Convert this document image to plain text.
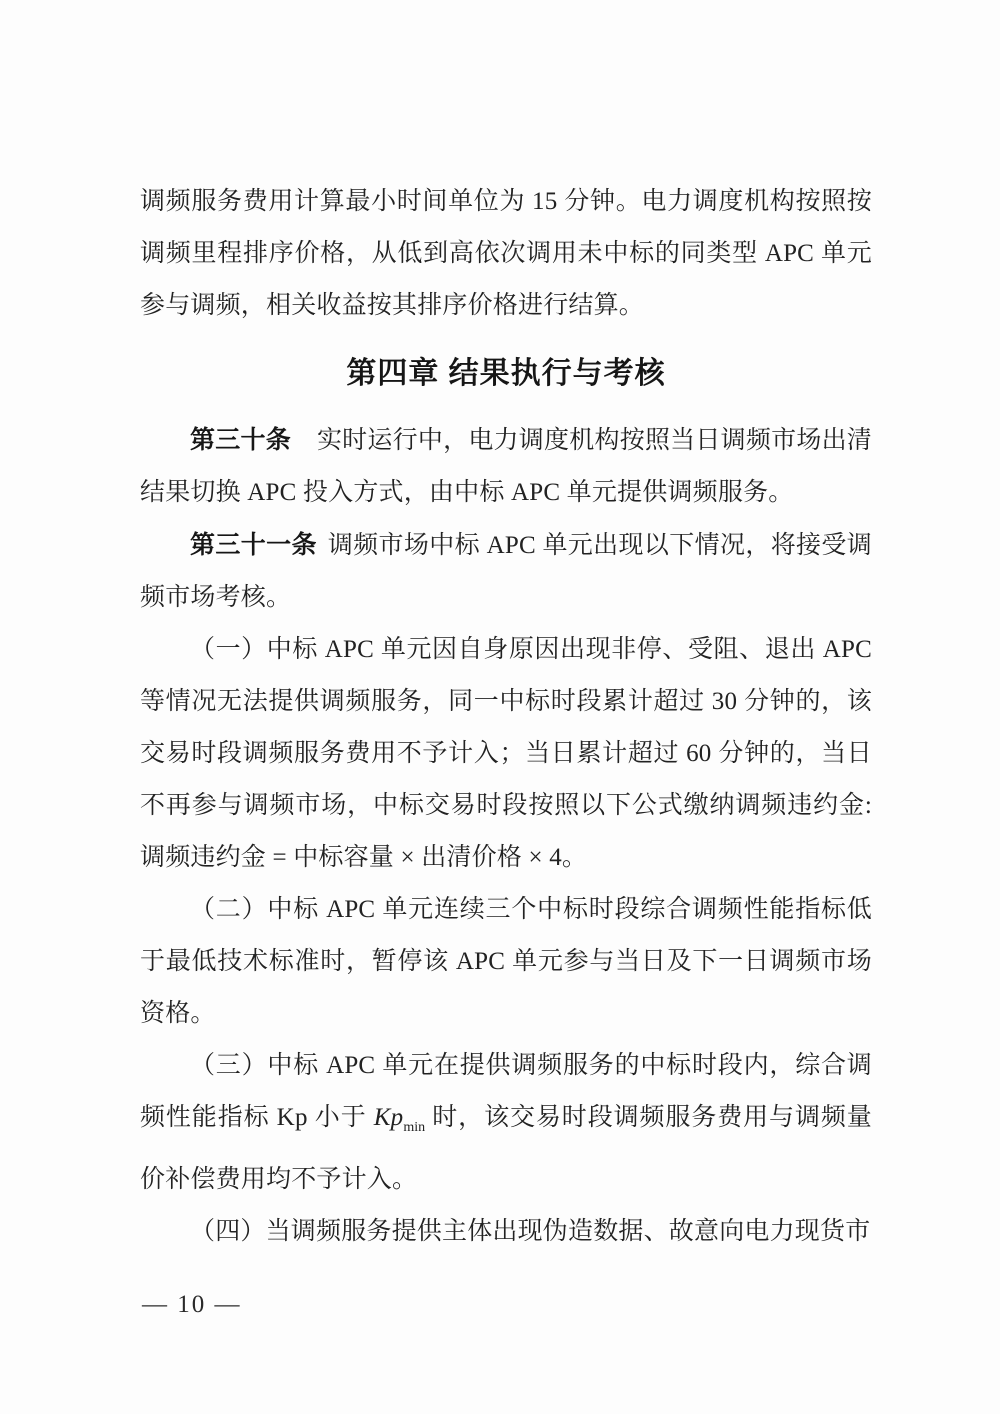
调频服务费用计算最小时间单位为 15 分钟。电力调度机构按照按调频里程排序价格，从低到高依次调用未中标的同类型 APC 单元参与调频，相关收益按其排序价格进行结算。

第四章 结果执行与考核

第三十条 实时运行中，电力调度机构按照当日调频市场出清结果切换 APC 投入方式，由中标 APC 单元提供调频服务。

第三十一条 调频市场中标 APC 单元出现以下情况，将接受调频市场考核。

（一）中标 APC 单元因自身原因出现非停、受阻、退出 APC 等情况无法提供调频服务，同一中标时段累计超过 30 分钟的，该交易时段调频服务费用不予计入；当日累计超过 60 分钟的，当日不再参与调频市场，中标交易时段按照以下公式缴纳调频违约金: 调频违约金 = 中标容量 × 出清价格 × 4。

（二）中标 APC 单元连续三个中标时段综合调频性能指标低于最低技术标准时，暂停该 APC 单元参与当日及下一日调频市场资格。

（三）中标 APC 单元在提供调频服务的中标时段内，综合调频性能指标 Kp 小于 $Kp_{min}$ 时，该交易时段调频服务费用与调频量价补偿费用均不予计入。

（四）当调频服务提供主体出现伪造数据、故意向电力现货市

— 10 —
